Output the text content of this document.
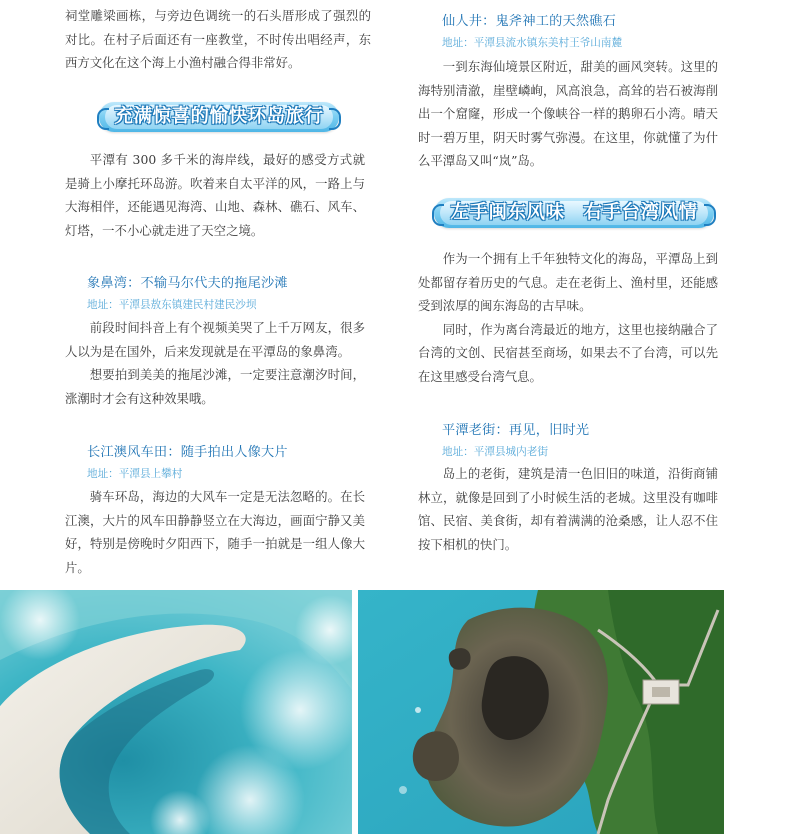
祠堂雕梁画栋，与旁边色调统一的石头厝形成了强烈的对比。在村子后面还有一座教堂，不时传出唱经声，东西方文化在这个海上小渔村融合得非常好。

充满惊喜的愉快环岛旅行

平潭有 300 多千米的海岸线，最好的感受方式就是骑上小摩托环岛游。吹着来自太平洋的风，一路上与大海相伴，还能遇见海湾、山地、森林、礁石、风车、灯塔，一不小心就走进了天空之境。

象鼻湾：不输马尔代夫的拖尾沙滩
地址：平潭县敖东镇建民村建民沙坝

前段时间抖音上有个视频美哭了上千万网友，很多人以为是在国外，后来发现就是在平潭岛的象鼻湾。

想要拍到美美的拖尾沙滩，一定要注意潮汐时间，涨潮时才会有这种效果哦。

长江澳风车田：随手拍出人像大片
地址：平潭县上攀村

骑车环岛，海边的大风车一定是无法忽略的。在长江澳，大片的风车田静静竖立在大海边，画面宁静又美好，特别是傍晚时夕阳西下，随手一拍就是一组人像大片。

仙人井：鬼斧神工的天然礁石
地址：平潭县流水镇东美村王爷山南麓

一到东海仙境景区附近，甜美的画风突转。这里的海特别清澈，崖壁嶙峋，风高浪急，高耸的岩石被海削出一个窟窿，形成一个像峡谷一样的鹅卵石小湾。晴天时一碧万里，阴天时雾气弥漫。在这里，你就懂了为什么平潭岛又叫“岚”岛。

左手闽东风味　右手台湾风情

作为一个拥有上千年独特文化的海岛，平潭岛上到处都留存着历史的气息。走在老街上、渔村里，还能感受到浓厚的闽东海岛的古早味。

同时，作为离台湾最近的地方，这里也接纳融合了台湾的文创、民宿甚至商场，如果去不了台湾，可以先在这里感受台湾气息。

平潭老街：再见，旧时光
地址：平潭县城内老街

岛上的老街，建筑是清一色旧旧的味道，沿街商铺林立，就像是回到了小时候生活的老城。这里没有咖啡馆、民宿、美食街，却有着满满的沧桑感，让人忍不住按下相机的快门。
